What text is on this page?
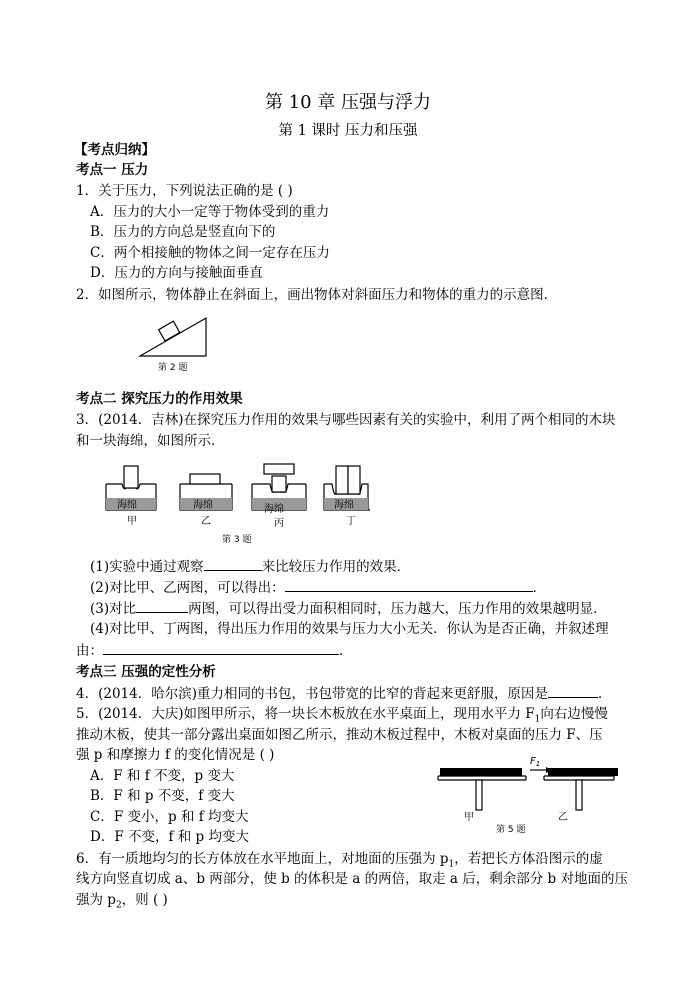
第 10 章 压强与浮力
第 1 课时 压力和压强
【考点归纳】
考点一 压力
1．关于压力，下列说法正确的是 ( )
A．压力的大小一定等于物体受到的重力
B．压力的方向总是竖直向下的
C．两个相接触的物体之间一定存在压力
D．压力的方向与接触面垂直
2．如图所示，物体静止在斜面上，画出物体对斜面压力和物体的重力的示意图．
第 2 题
考点二 探究压力的作用效果
3．(2014．吉林)在探究压力作用的效果与哪些因素有关的实验中，利用了两个相同的木块
和一块海绵，如图所示．
海绵
甲
海绵
乙
海绵
丙
海绵
丁
第 3 题
(1)实验中通过观察	来比较压力作用的效果．
(2)对比甲、乙两图，可以得出：	．
(3)对比	两图，可以得出受力面积相同时，压力越大，压力作用的效果越明显．
(4)对比甲、丁两图，得出压力作用的效果与压力大小无关．你认为是否正确，并叙述理
由：	．
考点三 压强的定性分析
4．(2014．哈尔滨)重力相同的书包，书包带宽的比窄的背起来更舒服，原因是	．
5．(2014．大庆)如图甲所示，将一块长木板放在水平桌面上，现用水平力 $F_1$向右边慢慢
推动木板，使其一部分露出桌面如图乙所示，推动木板过程中，木板对桌面的压力 F、压
强 p 和摩擦力 f 的变化情况是 ( )
A．F 和 f 不变，p 变大
B．F 和 p 不变，f 变大
C．F 变小，p 和 f 均变大
D．F 不变，f 和 p 均变大
甲
$F_1$
乙
第 5 题
6．有一质地均匀的长方体放在水平地面上，对地面的压强为 $p_1$，若把长方体沿图示的虚
线方向竖直切成 a、b 两部分，使 b 的体积是 a 的两倍，取走 a 后，剩余部分 b 对地面的压
强为 $p_2$，则 ( )
